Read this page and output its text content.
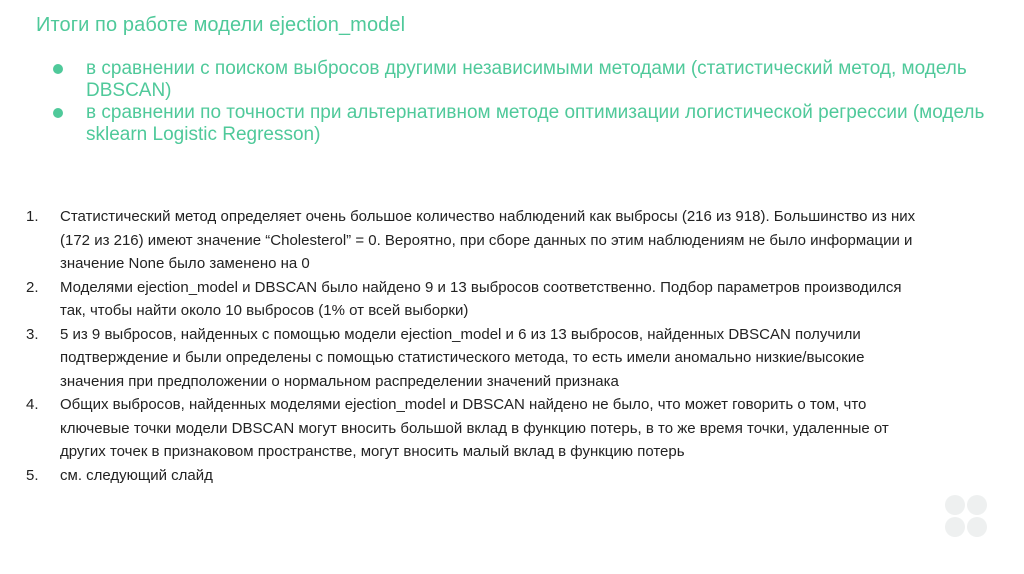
Итоги по работе модели ejection_model
в сравнении с поиском выбросов другими независимыми методами (статистический метод, модель DBSCAN)
в сравнении по точности при альтернативном методе оптимизации логистической регрессии (модель sklearn Logistic Regresson)
1. Статистический метод определяет очень большое количество наблюдений как выбросы (216 из 918). Большинство из них (172 из 216) имеют значение “Cholesterol” = 0. Вероятно, при сборе данных по этим наблюдениям не было информации и значение None было заменено на 0
2. Моделями ejection_model и DBSCAN было найдено 9 и 13 выбросов соответственно. Подбор параметров производился так, чтобы найти около 10 выбросов (1% от всей выборки)
3. 5 из 9 выбросов, найденных с помощью модели ejection_model и 6 из 13 выбросов, найденных DBSCAN получили подтверждение и были определены с помощью статистического метода, то есть имели аномально низкие/высокие значения при предположении о нормальном распределении значений признака
4. Общих выбросов, найденных моделями ejection_model и DBSCAN найдено не было, что может говорить о том, что ключевые точки модели DBSCAN могут вносить большой вклад в функцию потерь, в то же время точки, удаленные от других точек в признаковом пространстве, могут вносить малый вклад в функцию потерь
5. см. следующий слайд
